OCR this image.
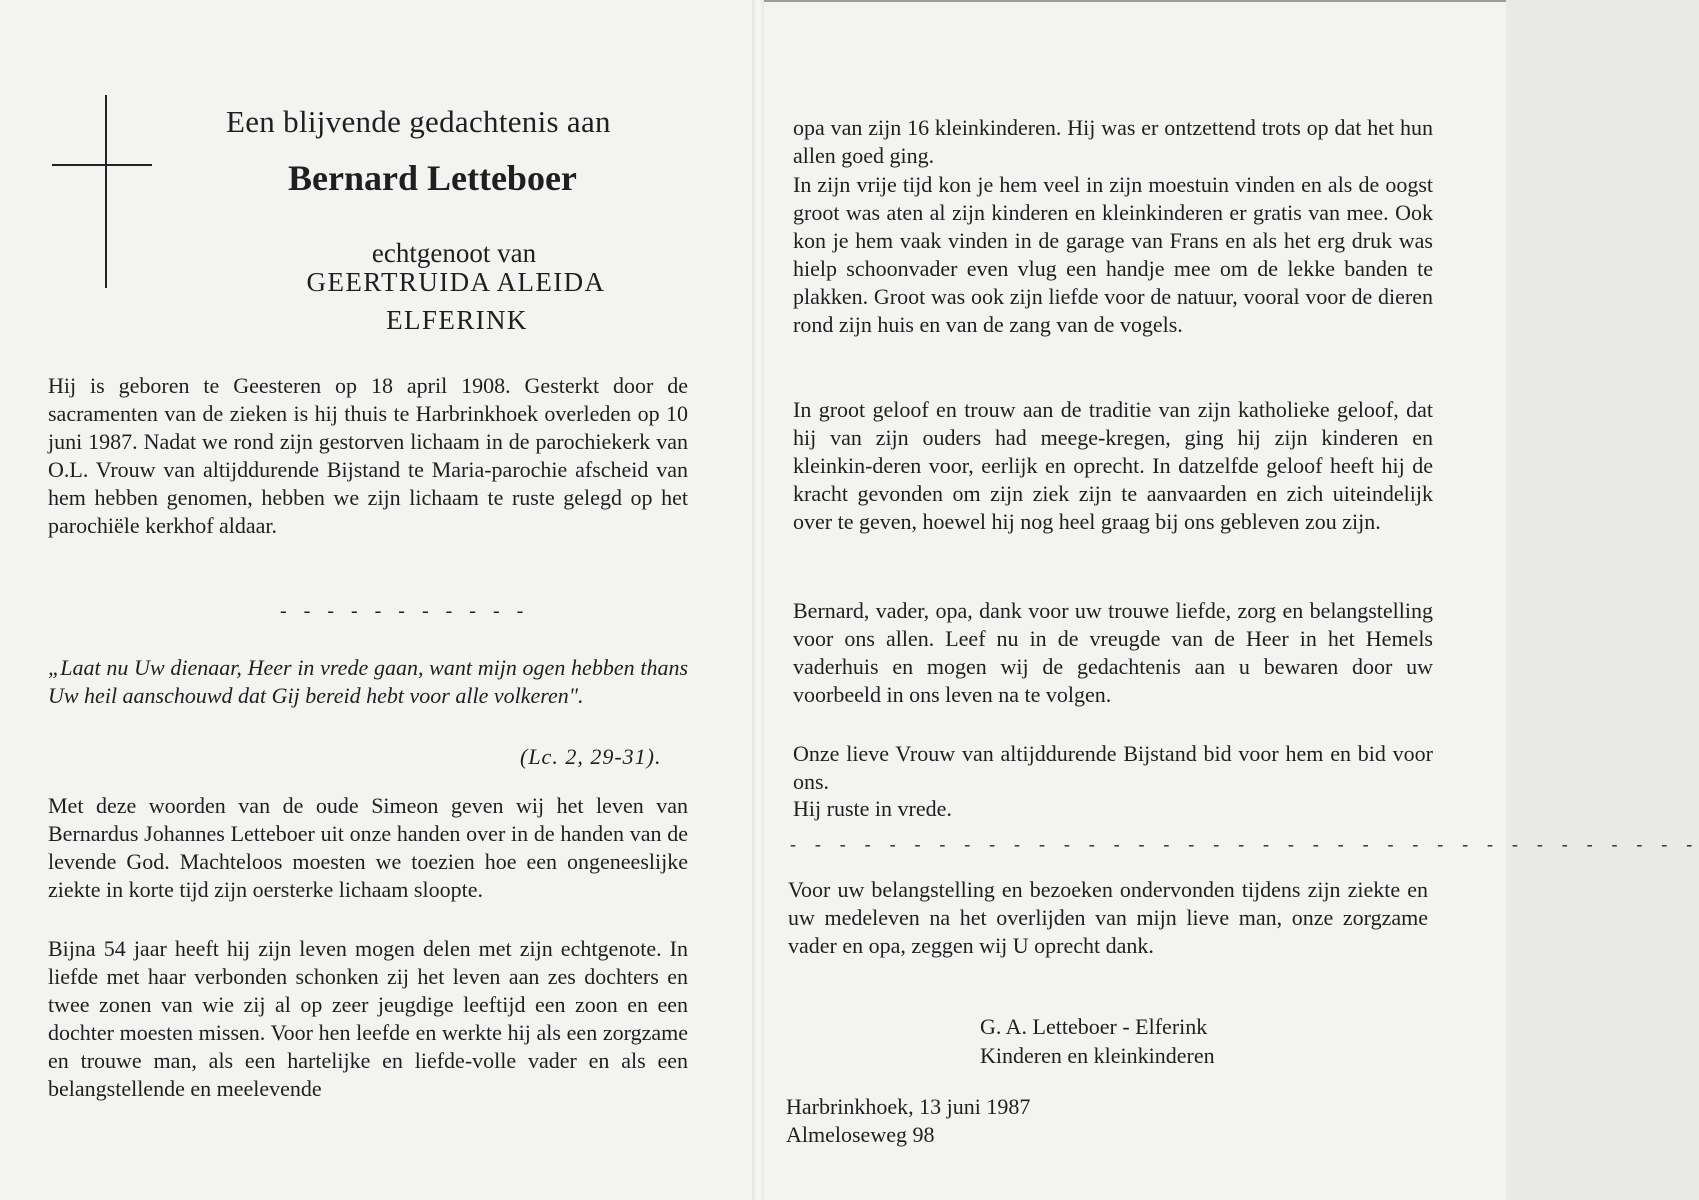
Een blijvende gedachtenis aan

Bernard Letteboer

echtgenoot van

GEERTRUIDA ALEIDA

ELFERINK

Hij is geboren te Geesteren op 18 april 1908. Gesterkt door de sacramenten van de zieken is hij thuis te Harbrinkhoek overleden op 10 juni 1987. Nadat we rond zijn gestorven lichaam in de parochiekerk van O.L. Vrouw van altijddurende Bijstand te Maria-parochie afscheid van hem hebben genomen, hebben we zijn lichaam te ruste gelegd op het parochiële kerkhof aldaar.

- - - - - - - - - - -

„Laat nu Uw dienaar, Heer in vrede gaan, want mijn ogen hebben thans Uw heil aanschouwd dat Gij bereid hebt voor alle volkeren".

(Lc. 2, 29-31).

Met deze woorden van de oude Simeon geven wij het leven van Bernardus Johannes Letteboer uit onze handen over in de handen van de levende God. Machteloos moesten we toezien hoe een ongeneeslijke ziekte in korte tijd zijn oersterke lichaam sloopte.

Bijna 54 jaar heeft hij zijn leven mogen delen met zijn echtgenote. In liefde met haar verbonden schonken zij het leven aan zes dochters en twee zonen van wie zij al op zeer jeugdige leeftijd een zoon en een dochter moesten missen. Voor hen leefde en werkte hij als een zorgzame en trouwe man, als een hartelijke en liefde-volle vader en als een belangstellende en meelevende

opa van zijn 16 kleinkinderen. Hij was er ontzettend trots op dat het hun allen goed ging.

In zijn vrije tijd kon je hem veel in zijn moestuin vinden en als de oogst groot was aten al zijn kinderen en kleinkinderen er gratis van mee. Ook kon je hem vaak vinden in de garage van Frans en als het erg druk was hielp schoonvader even vlug een handje mee om de lekke banden te plakken. Groot was ook zijn liefde voor de natuur, vooral voor de dieren rond zijn huis en van de zang van de vogels.

In groot geloof en trouw aan de traditie van zijn katholieke geloof, dat hij van zijn ouders had meege-kregen, ging hij zijn kinderen en kleinkin-deren voor, eerlijk en oprecht. In datzelfde geloof heeft hij de kracht gevonden om zijn ziek zijn te aanvaarden en zich uiteindelijk over te geven, hoewel hij nog heel graag bij ons gebleven zou zijn.

Bernard, vader, opa, dank voor uw trouwe liefde, zorg en belangstelling voor ons allen. Leef nu in de vreugde van de Heer in het Hemels vaderhuis en mogen wij de gedachtenis aan u bewaren door uw voorbeeld in ons leven na te volgen.

Onze lieve Vrouw van altijddurende Bijstand bid voor hem en bid voor ons.

Hij ruste in vrede.

- - - - - - - - - - - - - - - - - - - - - - - - - - - - - - - - - - - - -

Voor uw belangstelling en bezoeken ondervonden tijdens zijn ziekte en uw medeleven na het overlijden van mijn lieve man, onze zorgzame vader en opa, zeggen wij U oprecht dank.

G. A. Letteboer - Elferink

Kinderen en kleinkinderen

Harbrinkhoek, 13 juni 1987

Almeloseweg 98
